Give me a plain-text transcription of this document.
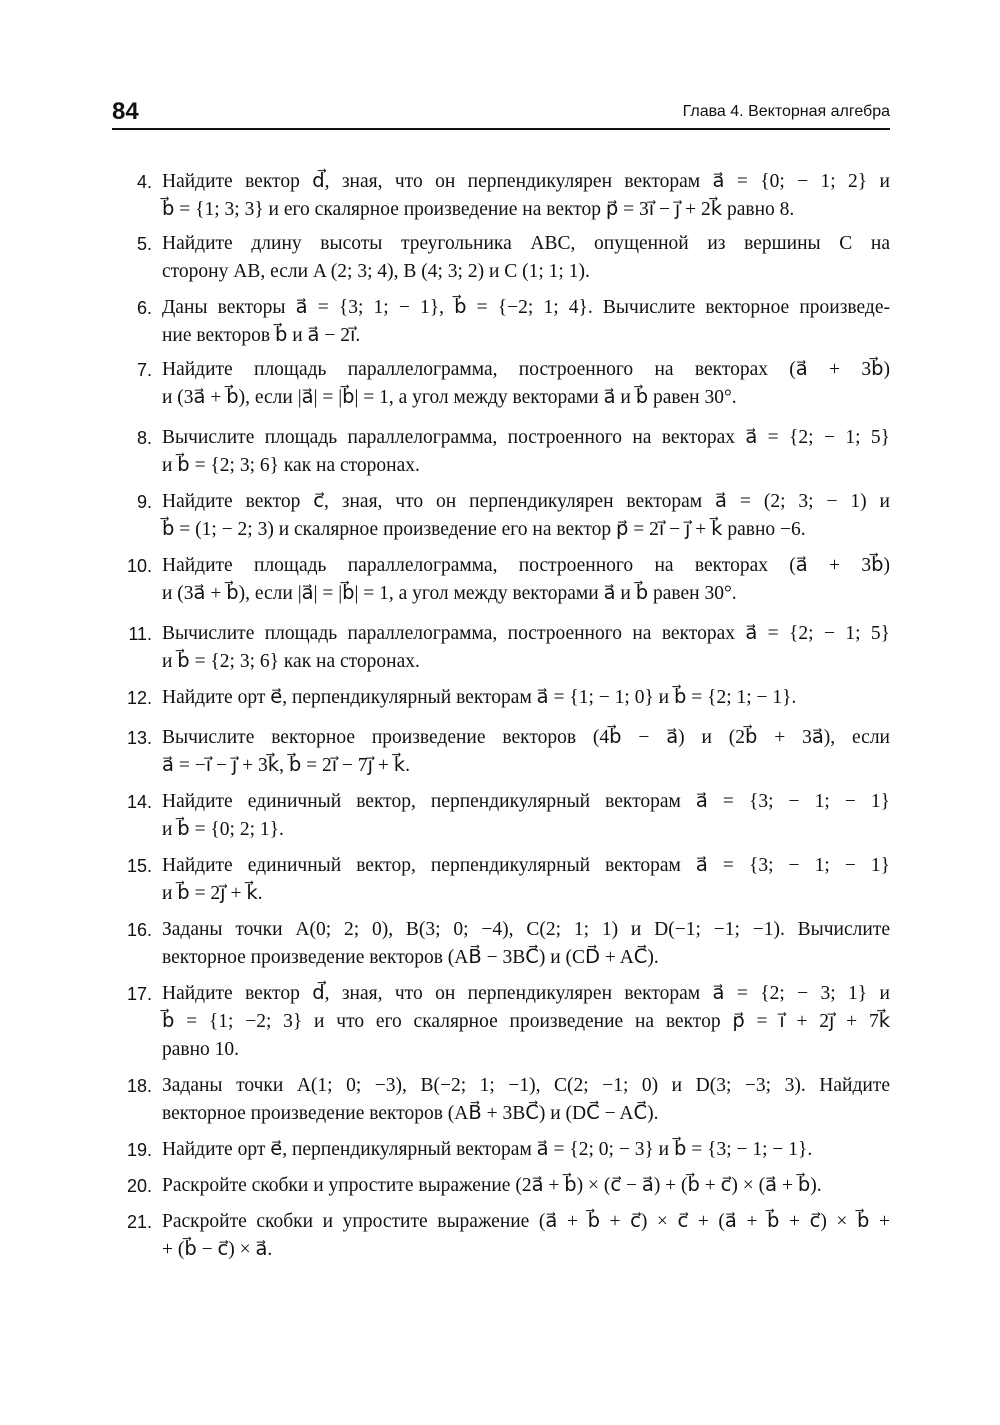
84	Глава 4. Векторная алгебра
4. Найдите вектор d⃗, зная, что он перпендикулярен векторам a⃗ = {0; − 1; 2} и
b⃗ = {1; 3; 3} и его скалярное произведение на вектор p⃗ = 3i⃗ − j⃗ + 2k⃗ равно 8.
5. Найдите длину высоты треугольника ABC, опущенной из вершины C на
сторону AB, если A (2; 3; 4), B (4; 3; 2) и C (1; 1; 1).
6. Даны векторы a⃗ = {3; 1; − 1}, b⃗ = {−2; 1; 4}. Вычислите векторное произведе-
ние векторов b⃗ и a⃗ − 2i⃗.
7. Найдите площадь параллелограмма, построенного на векторах (a⃗ + 3b⃗)
и (3a⃗ + b⃗), если |a⃗| = |b⃗| = 1, а угол между векторами a⃗ и b⃗ равен 30°.
8. Вычислите площадь параллелограмма, построенного на векторах a⃗ = {2; − 1; 5}
и b⃗ = {2; 3; 6} как на сторонах.
9. Найдите вектор c⃗, зная, что он перпендикулярен векторам a⃗ = (2; 3; − 1) и
b⃗ = (1; − 2; 3) и скалярное произведение его на вектор p⃗ = 2i⃗ − j⃗ + k⃗ равно −6.
10. Найдите площадь параллелограмма, построенного на векторах (a⃗ + 3b⃗)
и (3a⃗ + b⃗), если |a⃗| = |b⃗| = 1, а угол между векторами a⃗ и b⃗ равен 30°.
11. Вычислите площадь параллелограмма, построенного на векторах a⃗ = {2; − 1; 5}
и b⃗ = {2; 3; 6} как на сторонах.
12. Найдите орт e⃗, перпендикулярный векторам a⃗ = {1; − 1; 0} и b⃗ = {2; 1; − 1}.
13. Вычислите векторное произведение векторов (4b⃗ − a⃗) и (2b⃗ + 3a⃗), если
a⃗ = −i⃗ − j⃗ + 3k⃗, b⃗ = 2i⃗ − 7j⃗ + k⃗.
14. Найдите единичный вектор, перпендикулярный векторам a⃗ = {3; − 1; − 1}
и b⃗ = {0; 2; 1}.
15. Найдите единичный вектор, перпендикулярный векторам a⃗ = {3; − 1; − 1}
и b⃗ = 2j⃗ + k⃗.
16. Заданы точки A(0; 2; 0), B(3; 0; −4), C(2; 1; 1) и D(−1; −1; −1). Вычислите
векторное произведение векторов (AB⃗ − 3BC⃗) и (CD⃗ + AC⃗).
17. Найдите вектор d⃗, зная, что он перпендикулярен векторам a⃗ = {2; − 3; 1} и
b⃗ = {1; −2; 3} и что его скалярное произведение на вектор p⃗ = i⃗ + 2j⃗ + 7k⃗
равно 10.
18. Заданы точки A(1; 0; −3), B(−2; 1; −1), C(2; −1; 0) и D(3; −3; 3). Найдите
векторное произведение векторов (AB⃗ + 3BC⃗) и (DC⃗ − AC⃗).
19. Найдите орт e⃗, перпендикулярный векторам a⃗ = {2; 0; − 3} и b⃗ = {3; − 1; − 1}.
20. Раскройте скобки и упростите выражение (2a⃗ + b⃗) × (c⃗ − a⃗) + (b⃗ + c⃗) × (a⃗ + b⃗).
21. Раскройте скобки и упростите выражение (a⃗ + b⃗ + c⃗) × c⃗ + (a⃗ + b⃗ + c⃗) × b⃗ +
+ (b⃗ − c⃗) × a⃗.
